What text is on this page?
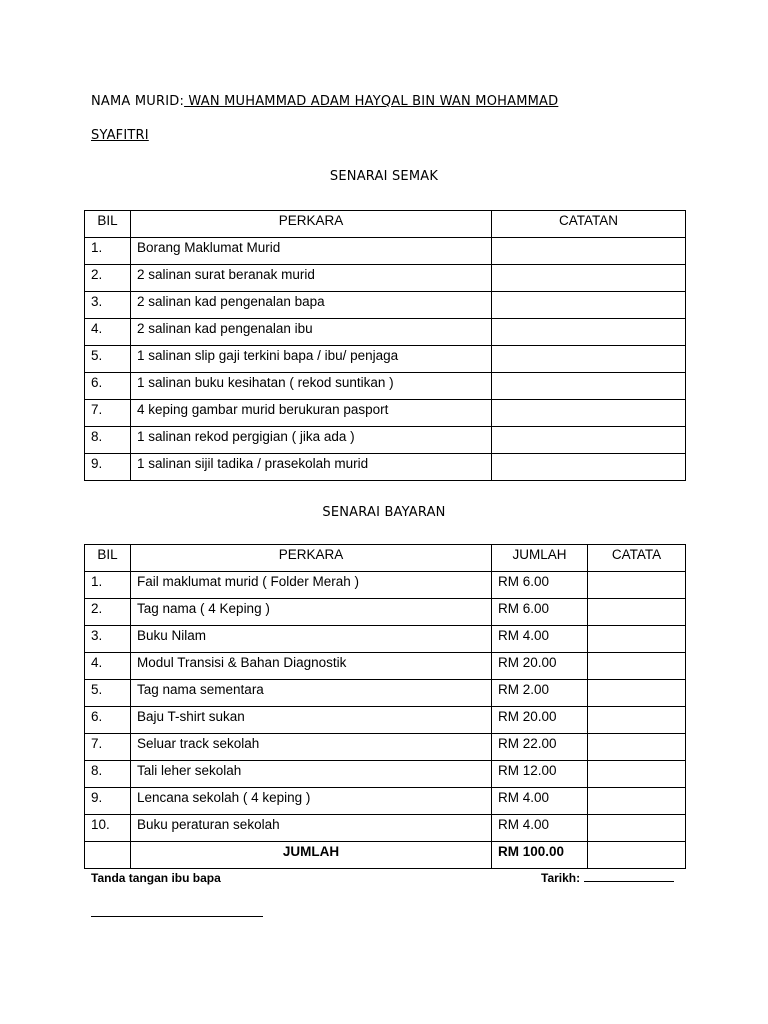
NAMA MURID: WAN MUHAMMAD ADAM HAYQAL BIN WAN MOHAMMAD
SYAFITRI
SENARAI SEMAK
BIL	PERKARA	CATATAN
1.	Borang Maklumat Murid	
2.	2 salinan surat beranak murid	
3.	2 salinan kad pengenalan bapa	
4.	2 salinan kad pengenalan ibu	
5.	1 salinan slip gaji terkini bapa / ibu/ penjaga	
6.	1 salinan buku kesihatan ( rekod suntikan )	
7.	4 keping gambar murid berukuran pasport	
8.	1 salinan rekod pergigian ( jika ada )	
9.	1 salinan sijil tadika / prasekolah murid	
SENARAI BAYARAN
BIL	PERKARA	JUMLAH	CATATA
1.	Fail maklumat murid ( Folder Merah )	RM 6.00	
2.	Tag nama ( 4 Keping )	RM 6.00	
3.	Buku Nilam	RM 4.00	
4.	Modul Transisi & Bahan Diagnostik	RM 20.00	
5.	Tag nama sementara	RM 2.00	
6.	Baju T-shirt sukan	RM 20.00	
7.	Seluar track sekolah	RM 22.00	
8.	Tali leher sekolah	RM 12.00	
9.	Lencana sekolah ( 4 keping )	RM 4.00	
10.	Buku peraturan sekolah	RM 4.00	
	JUMLAH	RM 100.00	
Tanda tangan ibu bapa	Tarikh:
